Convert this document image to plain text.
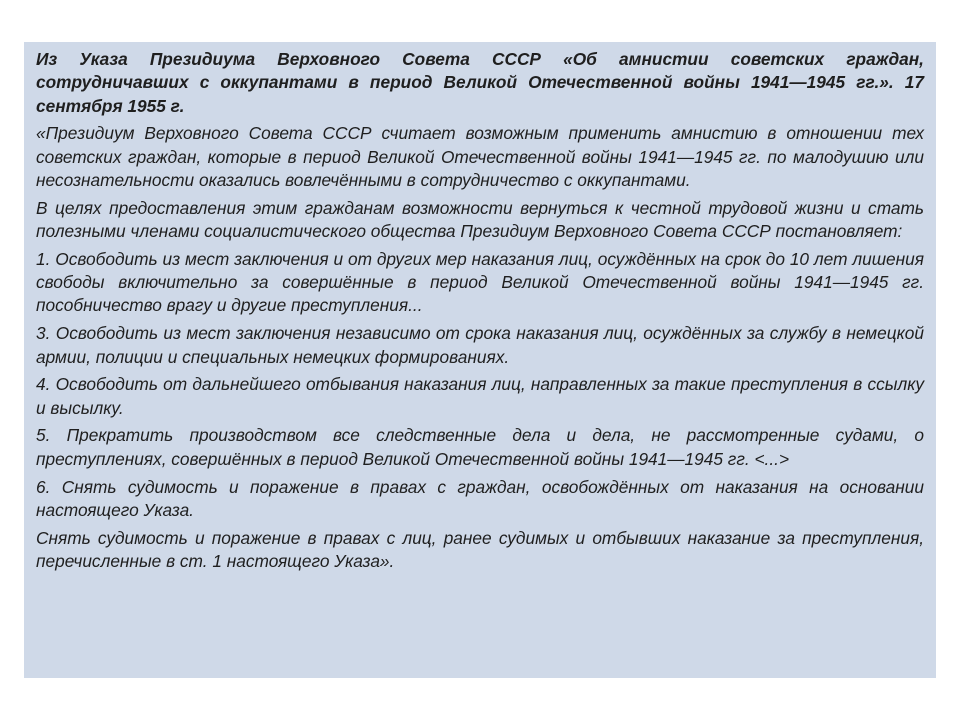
Из Указа Президиума Верховного Совета СССР «Об амнистии советских граждан, сотрудничавших с оккупантами в период Великой Отечественной войны 1941—1945 гг.». 17 сентября 1955 г.

«Президиум Верховного Совета СССР считает возможным применить амнистию в отношении тех советских граждан, которые в период Великой Отечественной войны 1941—1945 гг. по малодушию или несознательности оказались вовлечёнными в сотрудничество с оккупантами.

В целях предоставления этим гражданам возможности вернуться к честной трудовой жизни и стать полезными членами социалистического общества Президиум Верховного Совета СССР постановляет:

1. Освободить из мест заключения и от других мер наказания лиц, осуждённых на срок до 10 лет лишения свободы включительно за совершённые в период Великой Отечественной войны 1941—1945 гг. пособничество врагу и другие преступления...

3. Освободить из мест заключения независимо от срока наказания лиц, осуждённых за службу в немецкой армии, полиции и специальных немецких формированиях.

4. Освободить от дальнейшего отбывания наказания лиц, направленных за такие преступления в ссылку и высылку.

5. Прекратить производством все следственные дела и дела, не рассмотренные судами, о преступлениях, совершённых в период Великой Отечественной войны 1941—1945 гг. <...>

6. Снять судимость и поражение в правах с граждан, освобождённых от наказания на основании настоящего Указа.

Снять судимость и поражение в правах с лиц, ранее судимых и отбывших наказание за преступления, перечисленные в ст. 1 настоящего Указа».
